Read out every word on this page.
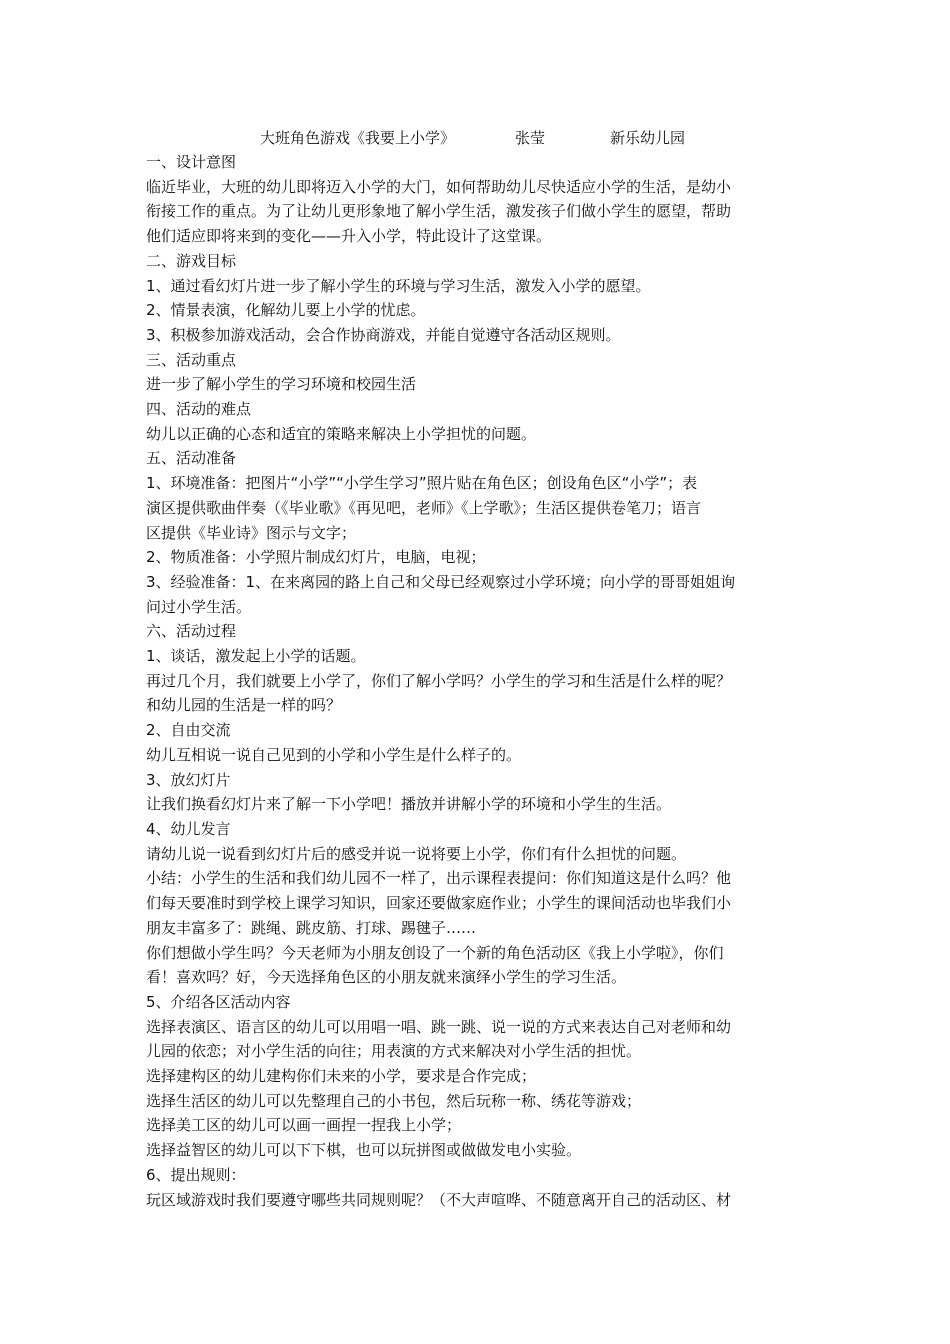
大班角色游戏《我要上小学》	张莹	新乐幼儿园

一、设计意图

临近毕业，大班的幼儿即将迈入小学的大门，如何帮助幼儿尽快适应小学的生活，是幼小

衔接工作的重点。为了让幼儿更形象地了解小学生活，激发孩子们做小学生的愿望，帮助

他们适应即将来到的变化——升入小学，特此设计了这堂课。

二、游戏目标

1、通过看幻灯片进一步了解小学生的环境与学习生活，激发入小学的愿望。

2、情景表演，化解幼儿要上小学的忧虑。

3、积极参加游戏活动，会合作协商游戏，并能自觉遵守各活动区规则。

三、活动重点

进一步了解小学生的学习环境和校园生活

四、活动的难点

幼儿以正确的心态和适宜的策略来解决上小学担忧的问题。

五、活动准备

1、环境准备：把图片“小学”“小学生学习”照片贴在角色区；创设角色区“小学”；表

演区提供歌曲伴奏（《毕业歌》《再见吧，老师》《上学歌》；生活区提供卷笔刀；语言

区提供《毕业诗》图示与文字；

2、物质准备：小学照片制成幻灯片，电脑，电视；

3、经验准备：1、在来离园的路上自己和父母已经观察过小学环境；向小学的哥哥姐姐询

问过小学生活。

六、活动过程

1、谈话，激发起上小学的话题。

再过几个月，我们就要上小学了，你们了解小学吗？小学生的学习和生活是什么样的呢？

和幼儿园的生活是一样的吗？

2、自由交流

幼儿互相说一说自己见到的小学和小学生是什么样子的。

3、放幻灯片

让我们换看幻灯片来了解一下小学吧！播放并讲解小学的环境和小学生的生活。

4、幼儿发言

请幼儿说一说看到幻灯片后的感受并说一说将要上小学，你们有什么担忧的问题。

小结：小学生的生活和我们幼儿园不一样了，出示课程表提问：你们知道这是什么吗？他

们每天要准时到学校上课学习知识，回家还要做家庭作业；小学生的课间活动也毕我们小

朋友丰富多了：跳绳、跳皮筋、打球、踢毽子……

你们想做小学生吗？今天老师为小朋友创设了一个新的角色活动区《我上小学啦》，你们

看！喜欢吗？好，今天选择角色区的小朋友就来演绎小学生的学习生活。

5、介绍各区活动内容

选择表演区、语言区的幼儿可以用唱一唱、跳一跳、说一说的方式来表达自己对老师和幼

儿园的依恋；对小学生活的向往；用表演的方式来解决对小学生活的担忧。

选择建构区的幼儿建构你们未来的小学，要求是合作完成；

选择生活区的幼儿可以先整理自己的小书包，然后玩称一称、绣花等游戏；

选择美工区的幼儿可以画一画捏一捏我上小学；

选择益智区的幼儿可以下下棋，也可以玩拼图或做做发电小实验。

6、提出规则：

玩区域游戏时我们要遵守哪些共同规则呢？（不大声喧哗、不随意离开自己的活动区、材
